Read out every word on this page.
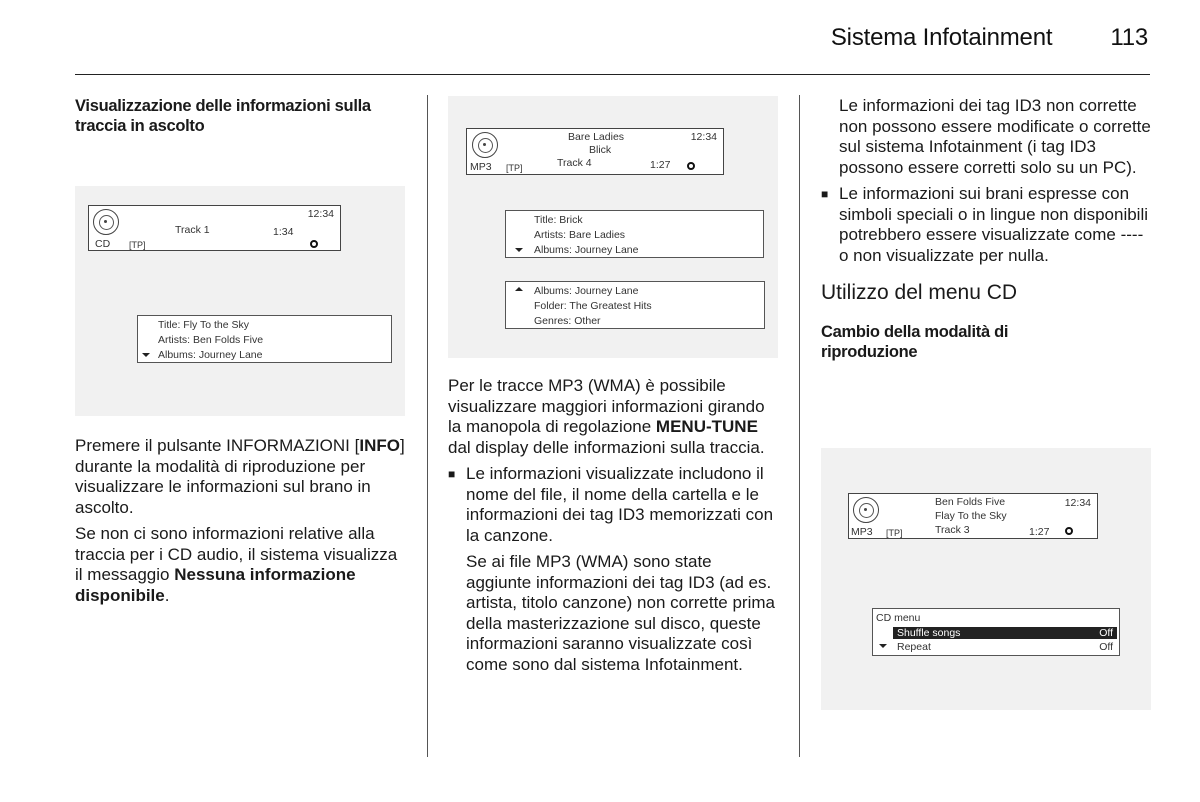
Sistema Infotainment 113
Visualizzazione delle informazioni sulla traccia in ascolto
12:34
Track 1	1:34
CD [TP]
Title: Fly To the Sky
Artists: Ben Folds Five
Albums: Journey Lane

Premere il pulsante INFORMAZIONI [INFO] durante la modalità di riproduzione per visualizzare le informazioni sul brano in ascolto.

Se non ci sono informazioni relative alla traccia per i CD audio, il sistema visualizza il messaggio Nessuna informazione disponibile.

Bare Ladies	12:34
Blick
MP3 [TP]	Track 4	1:27
Title: Brick
Artists: Bare Ladies
Albums: Journey Lane
Albums: Journey Lane
Folder: The Greatest Hits
Genres: Other

Per le tracce MP3 (WMA) è possibile visualizzare maggiori informazioni girando la manopola di regolazione MENU-TUNE dal display delle informazioni sulla traccia.

■ Le informazioni visualizzate includono il nome del file, il nome della cartella e le informazioni dei tag ID3 memorizzati con la canzone.

Se ai file MP3 (WMA) sono state aggiunte informazioni dei tag ID3 (ad es. artista, titolo canzone) non corrette prima della masterizzazione sul disco, queste informazioni saranno visualizzate così come sono dal sistema Infotainment.

Le informazioni dei tag ID3 non corrette non possono essere modificate o corrette sul sistema Infotainment (i tag ID3 possono essere corretti solo su un PC).

■ Le informazioni sui brani espresse con simboli speciali o in lingue non disponibili potrebbero essere visualizzate come ---- o non visualizzate per nulla.
Utilizzo del menu CD
Cambio della modalità di riproduzione
Ben Folds Five	12:34
Flay To the Sky
MP3 [TP]	Track 3	1:27
CD menu
Shuffle songs	Off
Repeat	Off
